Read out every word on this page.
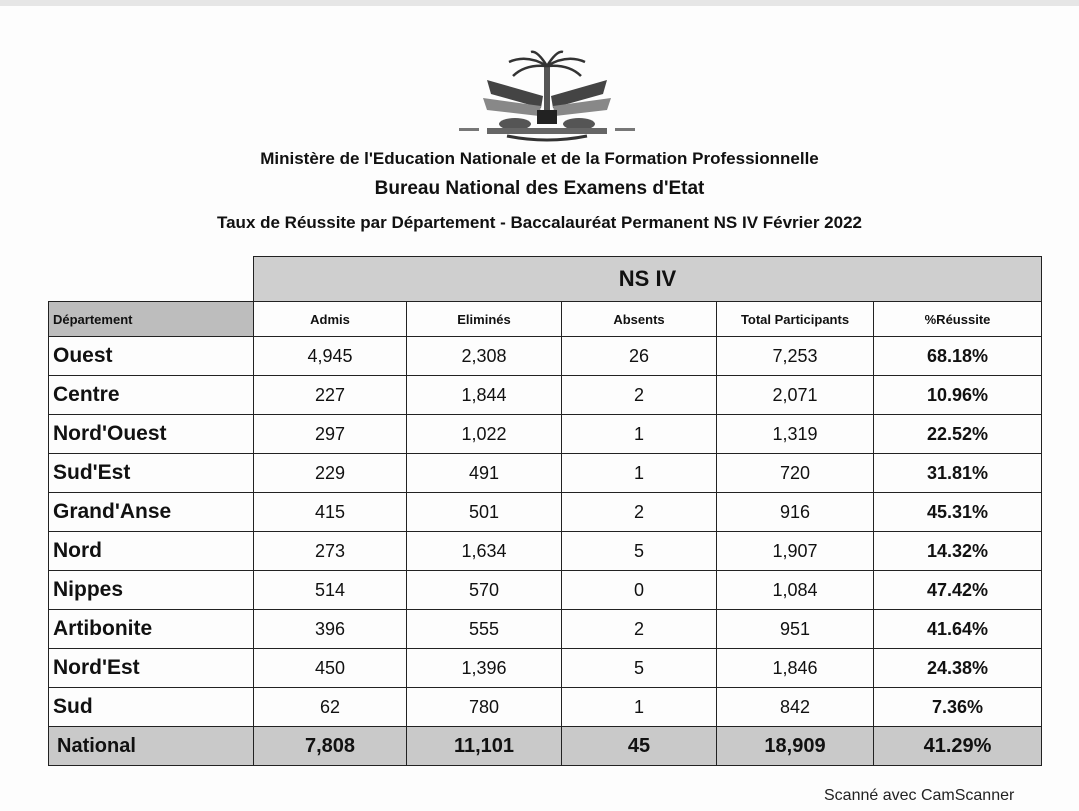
Ministère de l'Education Nationale et de la Formation Professionnelle
Bureau National des Examens d'Etat
Taux de Réussite par Département - Baccalauréat Permanent NS IV Février 2022
	NS IV				
Département	Admis	Eliminés	Absents	Total Participants	%Réussite
Ouest	4,945	2,308	26	7,253	68.18%
Centre	227	1,844	2	2,071	10.96%
Nord'Ouest	297	1,022	1	1,319	22.52%
Sud'Est	229	491	1	720	31.81%
Grand'Anse	415	501	2	916	45.31%
Nord	273	1,634	5	1,907	14.32%
Nippes	514	570	0	1,084	47.42%
Artibonite	396	555	2	951	41.64%
Nord'Est	450	1,396	5	1,846	24.38%
Sud	62	780	1	842	7.36%
National	7,808	11,101	45	18,909	41.29%
Scanné avec CamScanner
